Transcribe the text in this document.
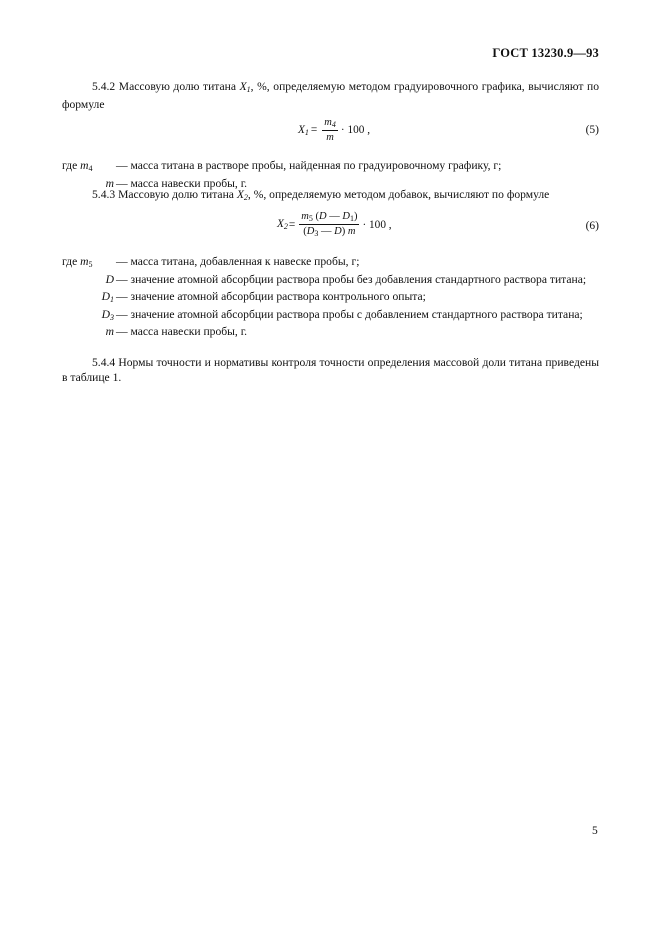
ГОСТ 13230.9—93
5.4.2 Массовую долю титана $X_1$, %, определяемую методом градуировочного графика, вычисляют по формуле
$X_1 = \frac{m_4}{m} \cdot 100$ ,	(5)
где $m_4$	— масса титана в растворе пробы, найденная по градуировочному графику, г;
m — масса навески пробы, г.
5.4.3 Массовую долю титана $X_2$, %, определяемую методом добавок, вычисляют по формуле
$X_2 = \frac{m_5 (D — D_1)}{(D_3 — D) m} \cdot 100$ ,	(6)
где $m_5$	— масса титана, добавленная к навеске пробы, г;
D — значение атомной абсорбции раствора пробы без добавления стандартного раствора титана;
$D_1$ — значение атомной абсорбции раствора контрольного опыта;
$D_3$ — значение атомной абсорбции раствора пробы с добавлением стандартного раствора титана;
m — масса навески пробы, г.
5.4.4 Нормы точности и нормативы контроля точности определения массовой доли титана приведены в таблице 1.
5
